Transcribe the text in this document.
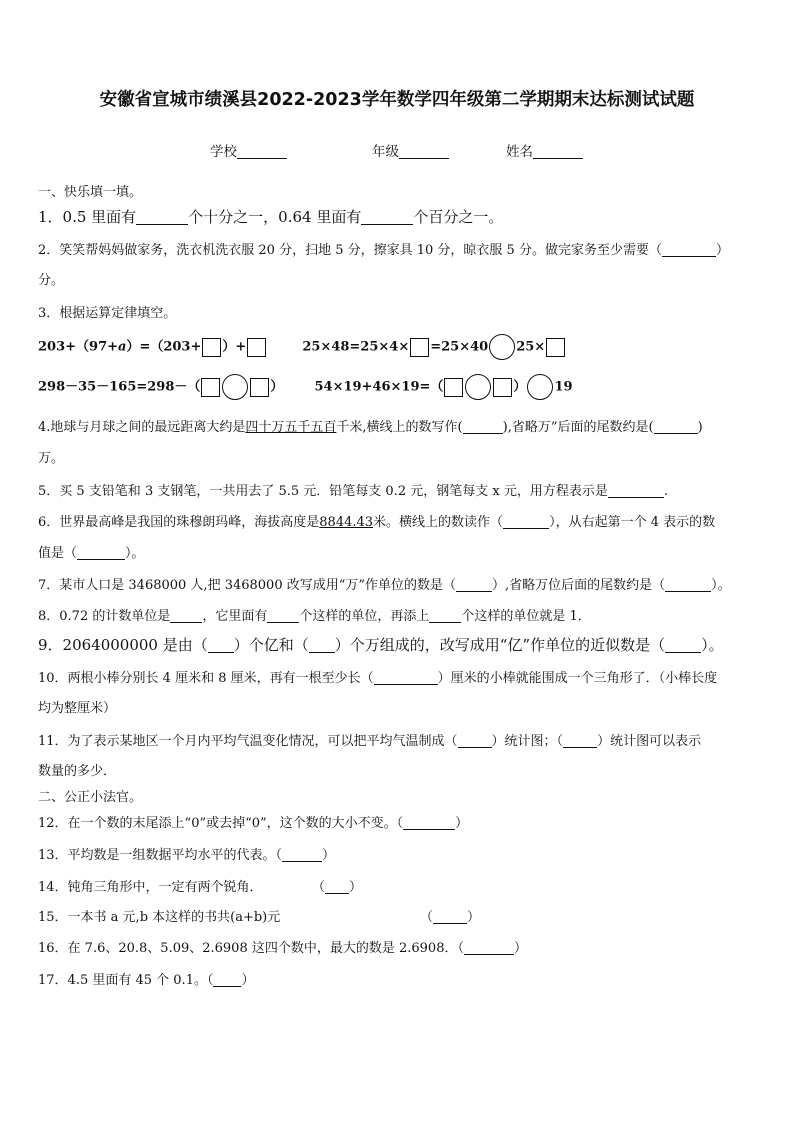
安徽省宣城市绩溪县2022-2023学年数学四年级第二学期期末达标测试试题
学校	年级	姓名
一、快乐填一填。
1．0.5 里面有	个十分之一，0.64 里面有	个百分之一。
2．笑笑帮妈妈做家务，洗衣机洗衣服 20 分，扫地 5 分，擦家具 10 分，晾衣服 5 分。做完家务至少需要（	）
分。
3．根据运算定律填空。
203+（97+a）=（203+ ）+	25×48=25×4× =25×40 25×
298－35－165=298－（	） 54×19+46×19=（	） 19
4.地球与月球之间的最远距离大约是四十万五千五百千米,横线上的数写作(	),省略万”后面的尾数约是(	)
万。
5．买 5 支铅笔和 3 支钢笔，一共用去了 5.5 元．铅笔每支 0.2 元，钢笔每支 x 元，用方程表示是	.
6．世界最高峰是我国的珠穆朗玛峰，海拔高度是8844.43米。横线上的数读作（	），从右起第一个 4 表示的数
值是（	）。
7．某市人口是 3468000 人,把 3468000 改写成用“万”作单位的数是（	）,省略万位后面的尾数约是（	）。
8．0.72 的计数单位是 ，它里面有 个这样的单位，再添上 个这样的单位就是 1．
9．2064000000 是由（ ）个亿和（ ）个万组成的，改写成用“亿”作单位的近似数是（ ）。
10．两根小棒分别长 4 厘米和 8 厘米，再有一根至少长（	）厘米的小棒就能围成一个三角形了．（小棒长度
均为整厘米）
11．为了表示某地区一个月内平均气温变化情况，可以把平均气温制成（	）统计图；（	）统计图可以表示
数量的多少．
二、公正小法官。
12．在一个数的末尾添上“0”或去掉“0”，这个数的大小不变。（	）
13．平均数是一组数据平均水平的代表。（	）
14．钝角三角形中，一定有两个锐角．	（ ）
15．一本书 a 元,b 本这样的书共(a+b)元	（	）
16．在 7.6、20.8、5.09、2.6908 这四个数中，最大的数是 2.6908．（	）
17．4.5 里面有 45 个 0.1。（ ）
